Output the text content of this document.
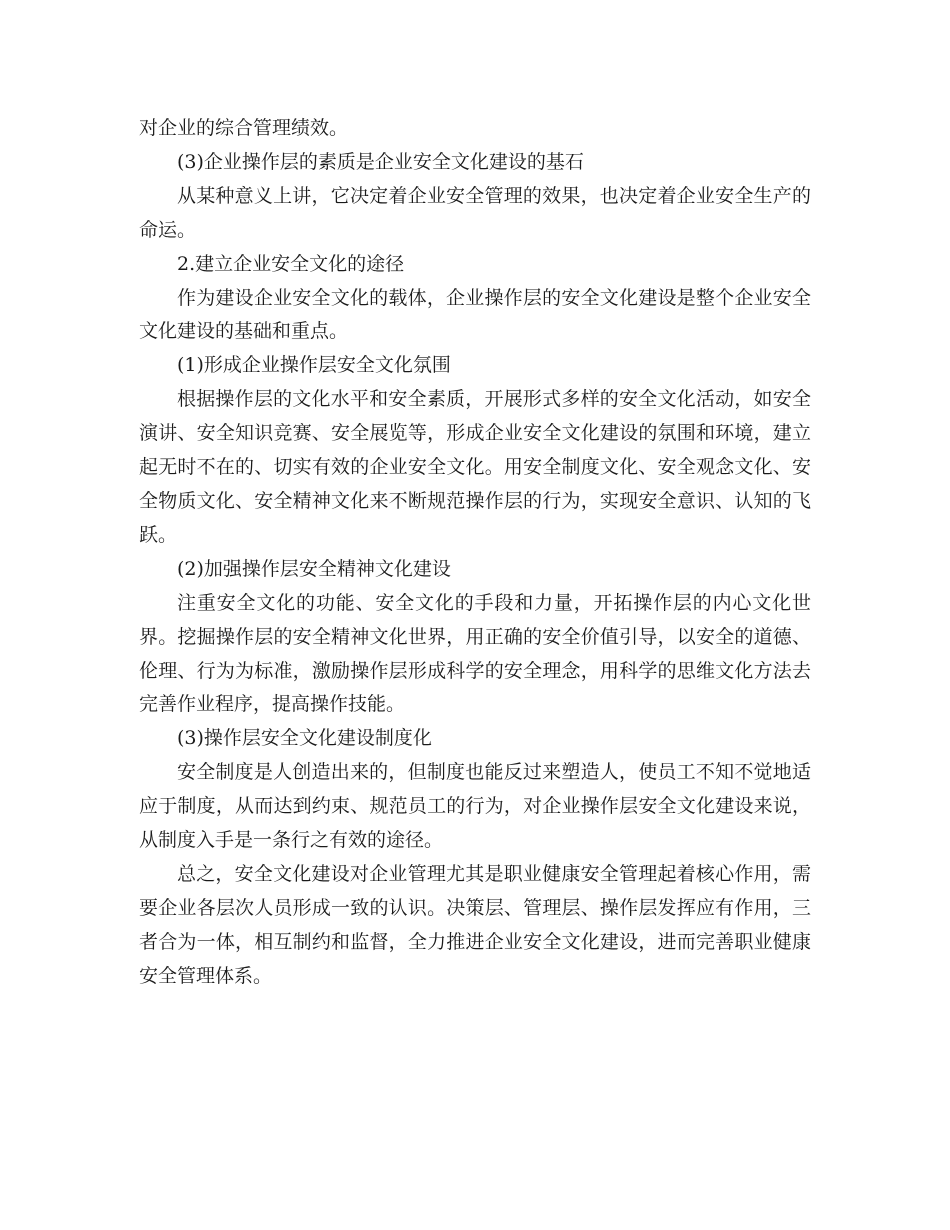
对企业的综合管理绩效。

(3)企业操作层的素质是企业安全文化建设的基石

从某种意义上讲，它决定着企业安全管理的效果，也决定着企业安全生产的命运。

2.建立企业安全文化的途径

作为建设企业安全文化的载体，企业操作层的安全文化建设是整个企业安全文化建设的基础和重点。

(1)形成企业操作层安全文化氛围

根据操作层的文化水平和安全素质，开展形式多样的安全文化活动，如安全演讲、安全知识竞赛、安全展览等，形成企业安全文化建设的氛围和环境，建立起无时不在的、切实有效的企业安全文化。用安全制度文化、安全观念文化、安全物质文化、安全精神文化来不断规范操作层的行为，实现安全意识、认知的飞跃。

(2)加强操作层安全精神文化建设

注重安全文化的功能、安全文化的手段和力量，开拓操作层的内心文化世界。挖掘操作层的安全精神文化世界，用正确的安全价值引导，以安全的道德、伦理、行为为标准，激励操作层形成科学的安全理念，用科学的思维文化方法去完善作业程序，提高操作技能。

(3)操作层安全文化建设制度化

安全制度是人创造出来的，但制度也能反过来塑造人，使员工不知不觉地适应于制度，从而达到约束、规范员工的行为，对企业操作层安全文化建设来说，从制度入手是一条行之有效的途径。

总之，安全文化建设对企业管理尤其是职业健康安全管理起着核心作用，需要企业各层次人员形成一致的认识。决策层、管理层、操作层发挥应有作用，三者合为一体，相互制约和监督，全力推进企业安全文化建设，进而完善职业健康安全管理体系。
